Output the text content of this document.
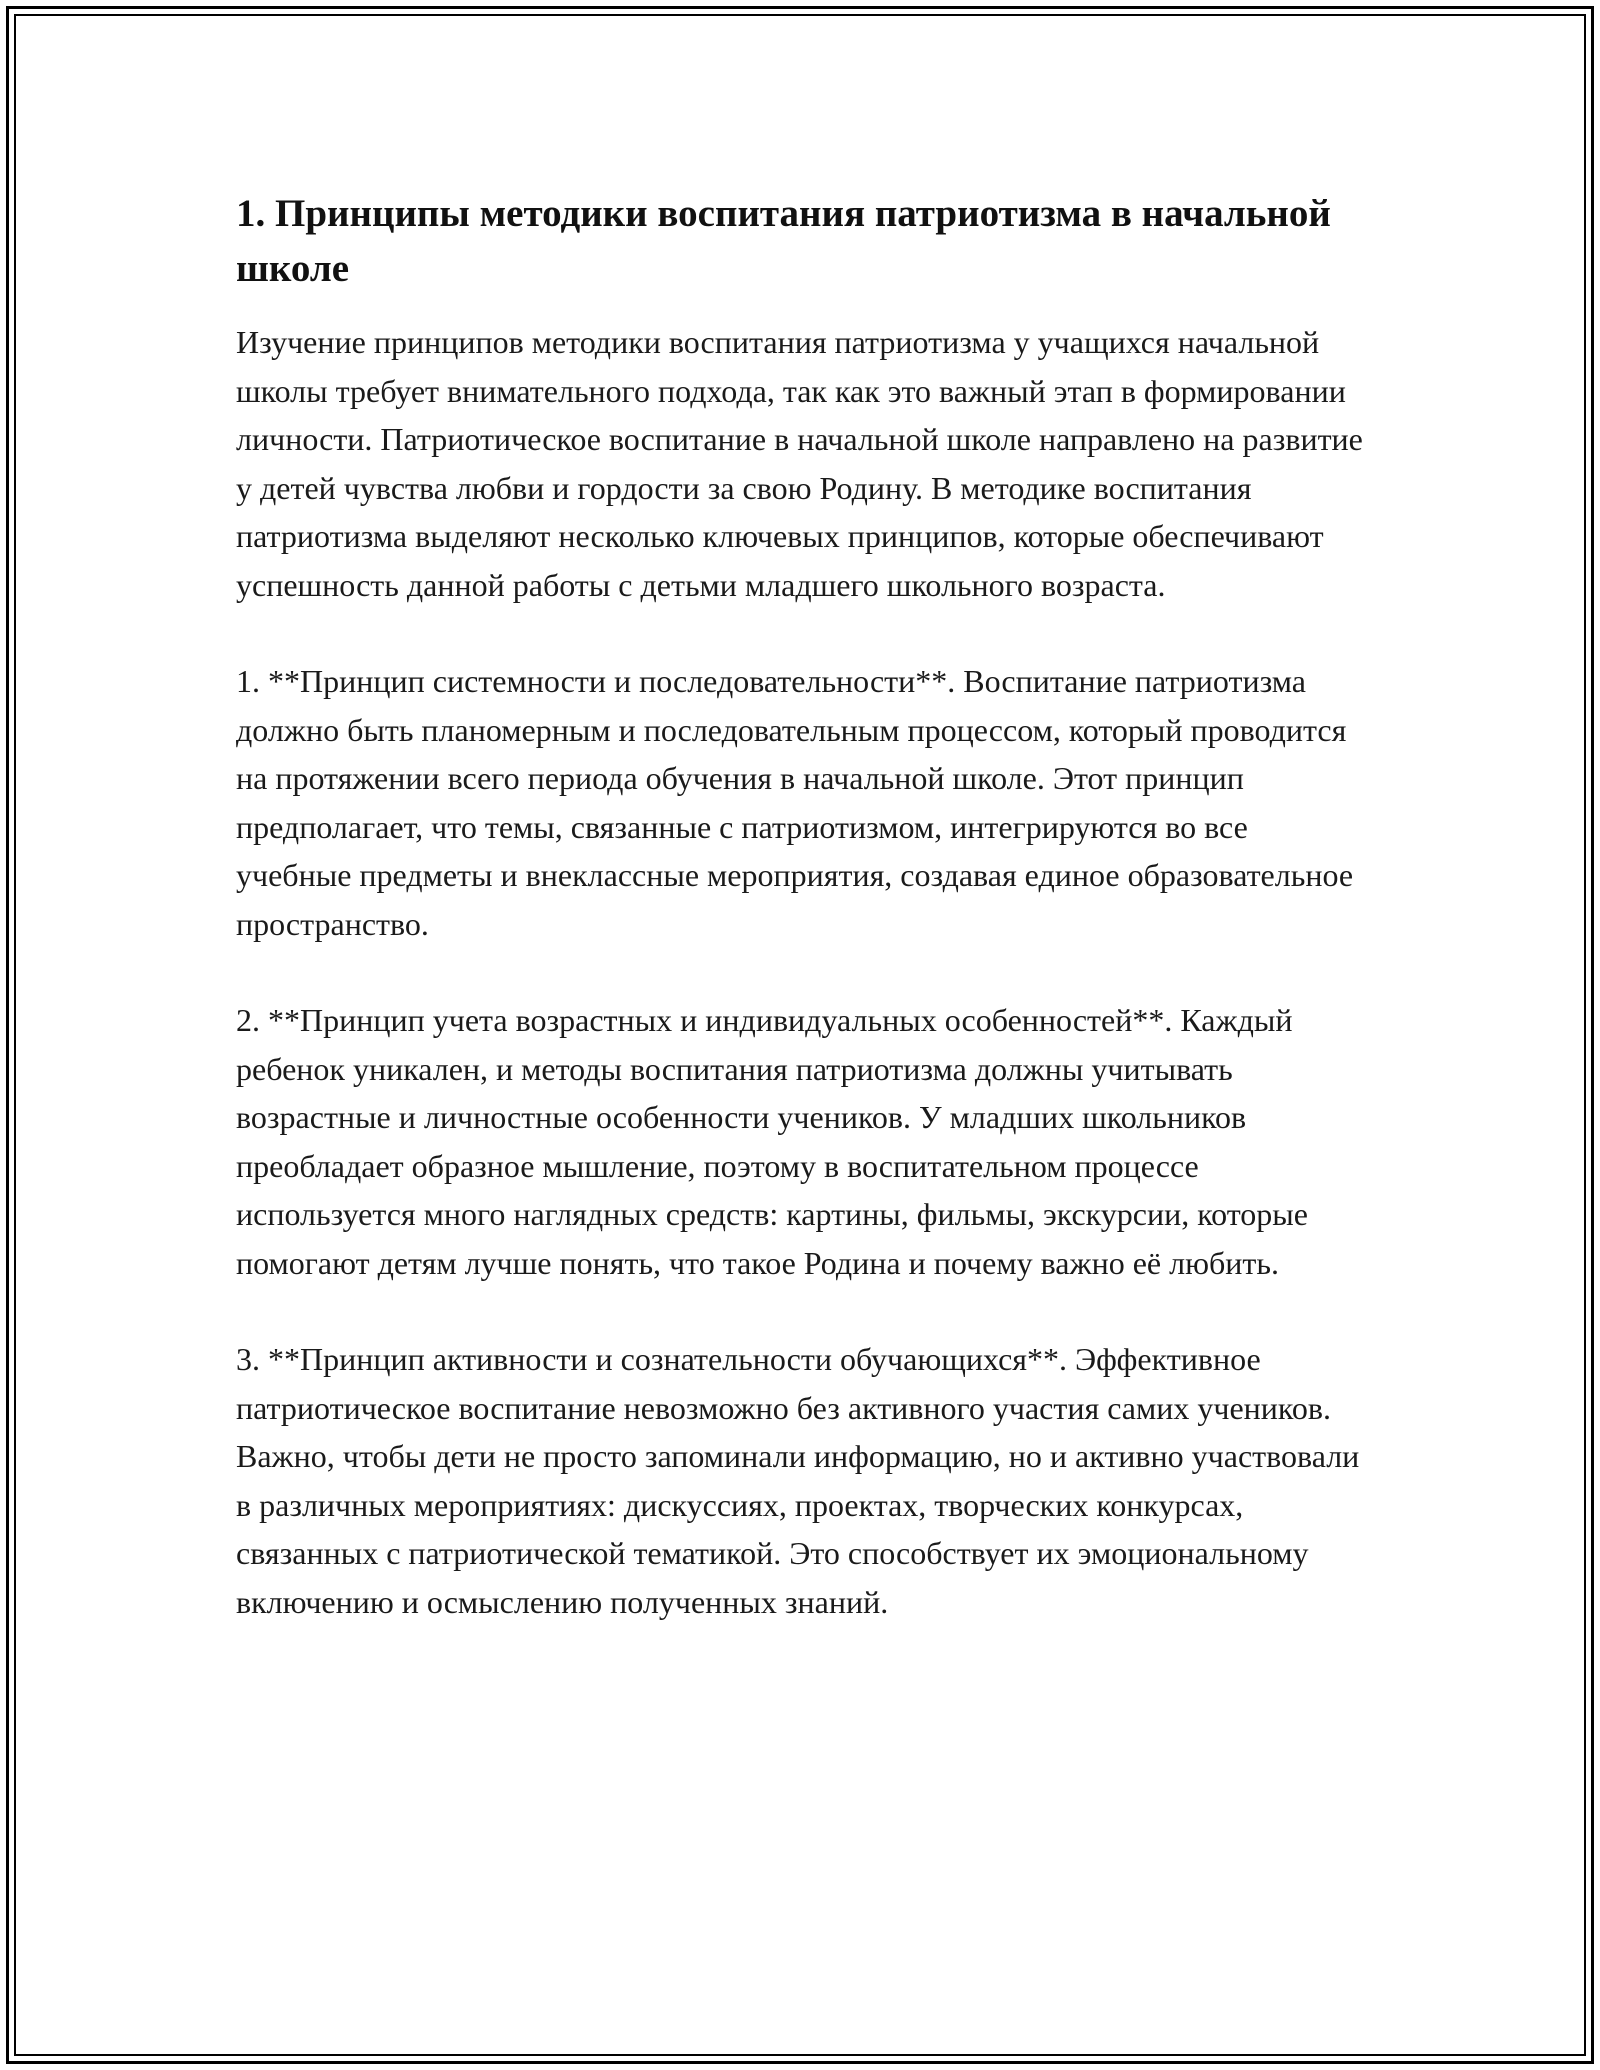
1. Принципы методики воспитания патриотизма в начальной школе

Изучение принципов методики воспитания патриотизма у учащихся начальной школы требует внимательного подхода, так как это важный этап в формировании личности. Патриотическое воспитание в начальной школе направлено на развитие у детей чувства любви и гордости за свою Родину. В методике воспитания патриотизма выделяют несколько ключевых принципов, которые обеспечивают успешность данной работы с детьми младшего школьного возраста.

1. **Принцип системности и последовательности**. Воспитание патриотизма должно быть планомерным и последовательным процессом, который проводится на протяжении всего периода обучения в начальной школе. Этот принцип предполагает, что темы, связанные с патриотизмом, интегрируются во все учебные предметы и внеклассные мероприятия, создавая единое образовательное пространство.

2. **Принцип учета возрастных и индивидуальных особенностей**. Каждый ребенок уникален, и методы воспитания патриотизма должны учитывать возрастные и личностные особенности учеников. У младших школьников преобладает образное мышление, поэтому в воспитательном процессе используется много наглядных средств: картины, фильмы, экскурсии, которые помогают детям лучше понять, что такое Родина и почему важно её любить.

3. **Принцип активности и сознательности обучающихся**. Эффективное патриотическое воспитание невозможно без активного участия самих учеников. Важно, чтобы дети не просто запоминали информацию, но и активно участвовали в различных мероприятиях: дискуссиях, проектах, творческих конкурсах, связанных с патриотической тематикой. Это способствует их эмоциональному включению и осмыслению полученных знаний.
